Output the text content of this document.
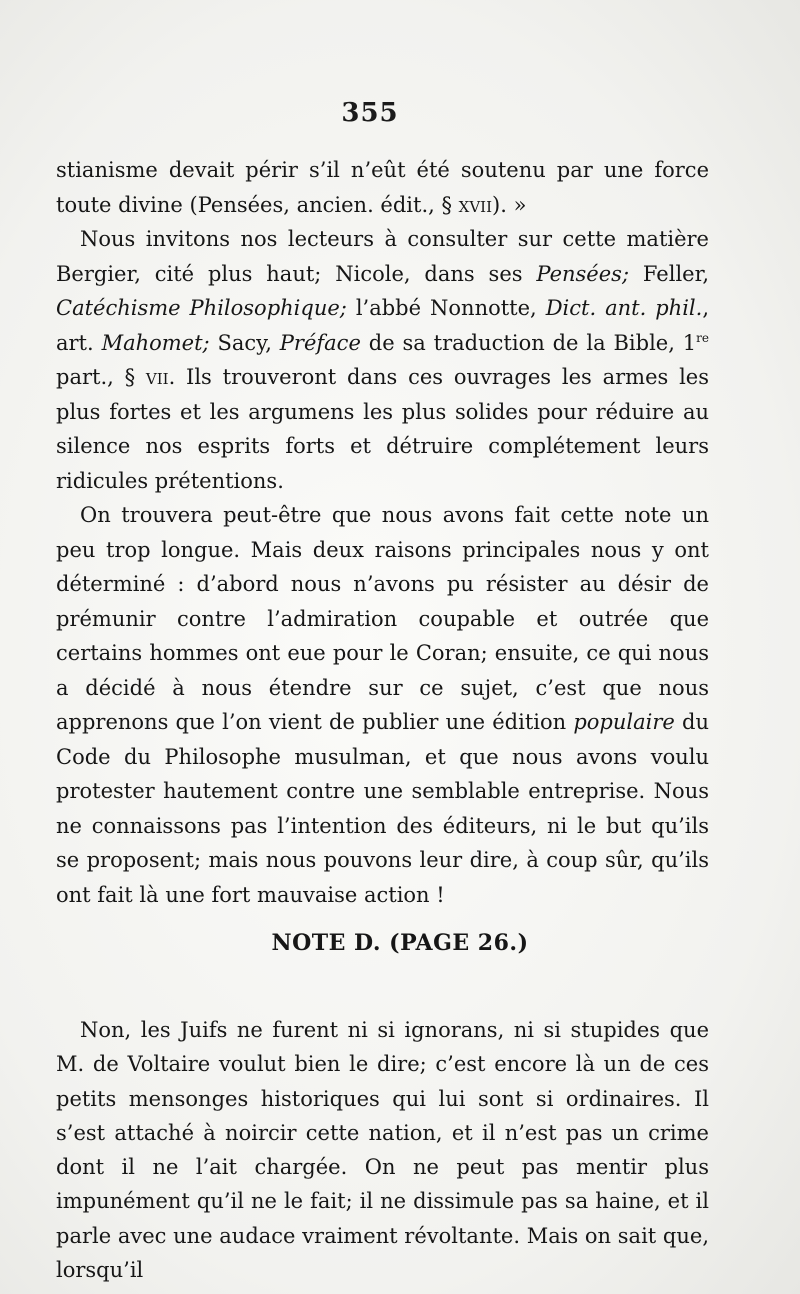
355

stianisme devait périr s’il n’eût été soutenu par une force toute divine (Pensées, ancien. édit., § xvii). »

Nous invitons nos lecteurs à consulter sur cette matière Bergier, cité plus haut; Nicole, dans ses Pensées; Feller, Catéchisme Philosophique; l’abbé Nonnotte, Dict. ant. phil., art. Mahomet; Sacy, Préface de sa traduction de la Bible, 1re part., § vii. Ils trouveront dans ces ouvrages les armes les plus fortes et les argumens les plus solides pour réduire au silence nos esprits forts et détruire complétement leurs ridicules prétentions.

On trouvera peut-être que nous avons fait cette note un peu trop longue. Mais deux raisons principales nous y ont déterminé : d’abord nous n’avons pu résister au désir de prémunir contre l’admiration coupable et outrée que certains hommes ont eue pour le Coran; ensuite, ce qui nous a décidé à nous étendre sur ce sujet, c’est que nous apprenons que l’on vient de publier une édition populaire du Code du Philosophe musulman, et que nous avons voulu protester hautement contre une semblable entreprise. Nous ne connaissons pas l’intention des éditeurs, ni le but qu’ils se proposent; mais nous pouvons leur dire, à coup sûr, qu’ils ont fait là une fort mauvaise action !

NOTE D. (PAGE 26.)

Non, les Juifs ne furent ni si ignorans, ni si stupides que M. de Voltaire voulut bien le dire; c’est encore là un de ces petits mensonges historiques qui lui sont si ordinaires. Il s’est attaché à noircir cette nation, et il n’est pas un crime dont il ne l’ait chargée. On ne peut pas mentir plus impunément qu’il ne le fait; il ne dissimule pas sa haine, et il parle avec une audace vraiment révoltante. Mais on sait que, lorsqu’il
